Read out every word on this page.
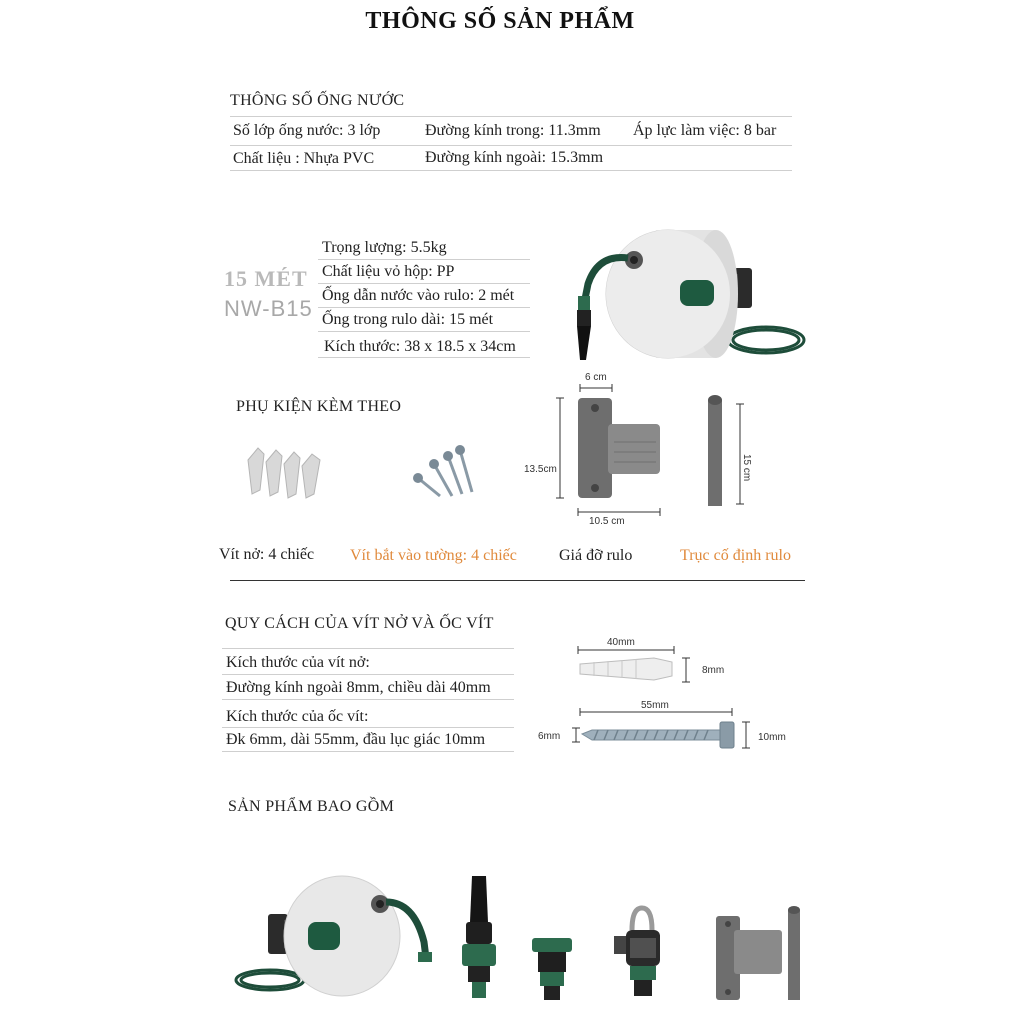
THÔNG SỐ SẢN PHẨM
THÔNG SỐ ỐNG NƯỚC
Số lớp ống nước: 3 lớp	Đường kính trong: 11.3mm Áp lực làm việc: 8 bar
Chất liệu : Nhựa PVC	Đường kính ngoài: 15.3mm
15 MÉT
NW-B15
Trọng lượng: 5.5kg
Chất liệu vỏ hộp: PP
Ống dẫn nước vào rulo: 2 mét
Ống trong rulo dài: 15 mét
Kích thước: 38 x 18.5 x 34cm
PHỤ KIỆN KÈM THEO
6 cm
13.5cm
10.5 cm
15 cm
Vít nở: 4 chiếc Vít bắt vào tường: 4 chiếc	Giá đỡ rulo	Trục cố định rulo
QUY CÁCH CỦA VÍT NỞ VÀ ỐC VÍT
Kích thước của vít nở:
Đường kính ngoài 8mm, chiều dài 40mm
Kích thước của ốc vít:
Đk 6mm, dài 55mm, đầu lục giác 10mm
40mm
8mm
55mm
6mm	10mm
SẢN PHẨM BAO GỒM
